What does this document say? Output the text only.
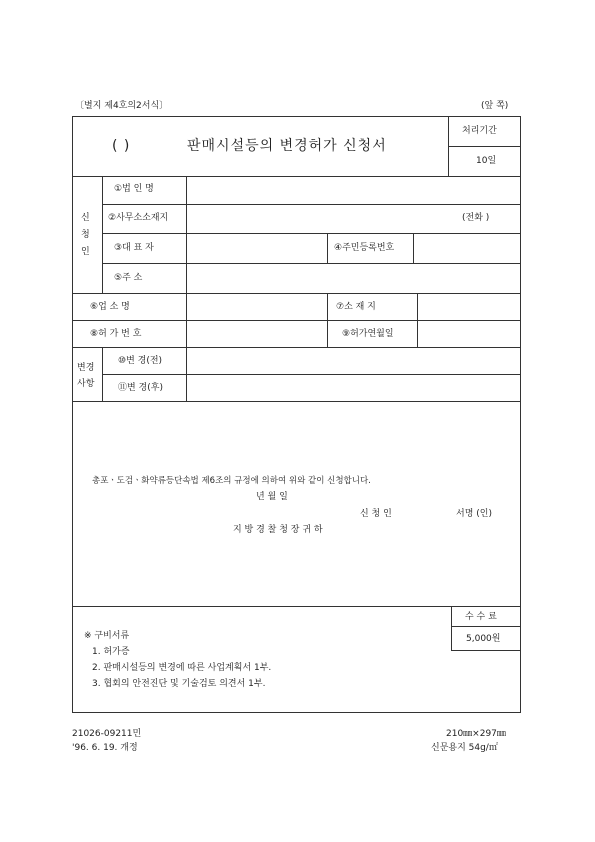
〔별지 제4호의2서식〕	(앞 쪽)
( )	판매시설등의 변경허가 신청서
처리기간
10일
신
청
인
①법 인 명
②사무소소재지	(전화 )
③대 표 자	④주민등록번호
⑤주 소
⑥업 소 명	⑦소 재 지
⑧허 가 번 호	⑨허가연월일
변경
사항
⑩변 경(전)
⑪변 경(후)
총포ㆍ도검ㆍ화약류등단속법 제6조의 규정에 의하여 위와 같이 신청합니다.
년 월 일
신 청 인	서명 (인)
지 방 경 찰 청 장 귀 하
수 수 료
5,000원
※ 구비서류
1. 허가증
2. 판매시설등의 변경에 따른 사업계획서 1부.
3. 협회의 안전진단 및 기술검토 의견서 1부.
21026-09211민
'96. 6. 19. 개정
210㎜×297㎜
신문용지 54g/㎡
